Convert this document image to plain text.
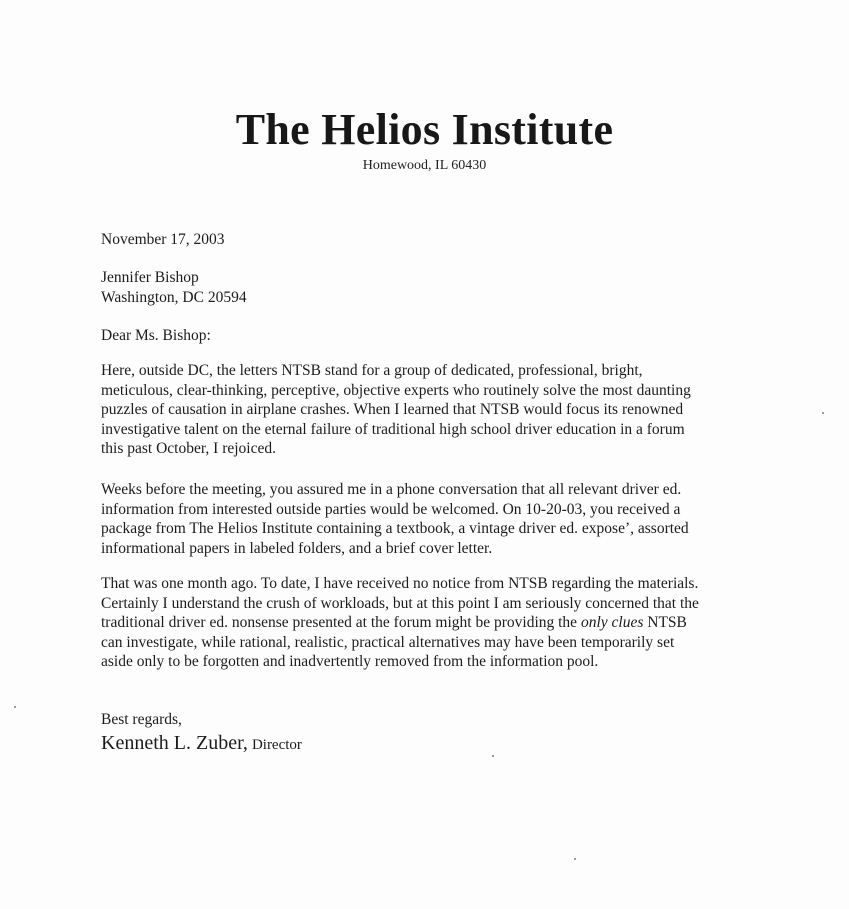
The Helios Institute
Homewood, IL 60430
November 17, 2003
Jennifer Bishop
Washington, DC 20594
Dear Ms. Bishop:
Here, outside DC, the letters NTSB stand for a group of dedicated, professional, bright,
meticulous, clear-thinking, perceptive, objective experts who routinely solve the most daunting
puzzles of causation in airplane crashes. When I learned that NTSB would focus its renowned
investigative talent on the eternal failure of traditional high school driver education in a forum
this past October, I rejoiced.
Weeks before the meeting, you assured me in a phone conversation that all relevant driver ed.
information from interested outside parties would be welcomed. On 10-20-03, you received a
package from The Helios Institute containing a textbook, a vintage driver ed. expose’, assorted
informational papers in labeled folders, and a brief cover letter.
That was one month ago. To date, I have received no notice from NTSB regarding the materials.
Certainly I understand the crush of workloads, but at this point I am seriously concerned that the
traditional driver ed. nonsense presented at the forum might be providing the only clues NTSB
can investigate, while rational, realistic, practical alternatives may have been temporarily set
aside only to be forgotten and inadvertently removed from the information pool.
Best regards,
Kenneth L. Zuber, Director
